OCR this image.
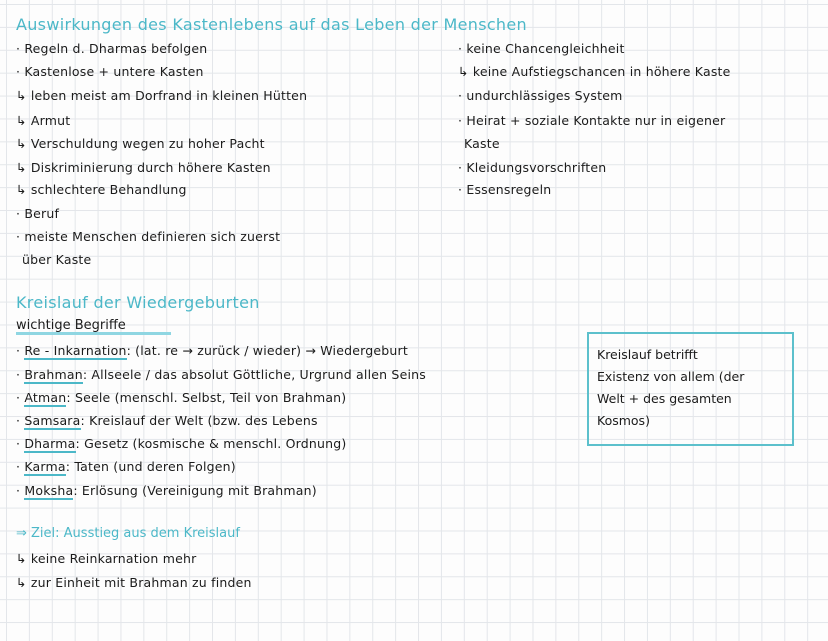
Auswirkungen des Kastenlebens auf das Leben der Menschen
· Regeln d. Dharmas befolgen
· Kastenlose + untere Kasten
↳ leben meist am Dorfrand in kleinen Hütten
↳ Armut
↳ Verschuldung wegen zu hoher Pacht
↳ Diskriminierung durch höhere Kasten
↳ schlechtere Behandlung
· Beruf
· meiste Menschen definieren sich zuerst
über Kaste
· keine Chancengleichheit
↳ keine Aufstiegschancen in höhere Kaste
· undurchlässiges System
· Heirat + soziale Kontakte nur in eigener
Kaste
· Kleidungsvorschriften
· Essensregeln
Kreislauf der Wiedergeburten
wichtige Begriffe
· Re - Inkarnation: (lat. re → zurück / wieder) → Wiedergeburt
· Brahman: Allseele / das absolut Göttliche, Urgrund allen Seins
· Atman: Seele (menschl. Selbst, Teil von Brahman)
· Samsara: Kreislauf der Welt (bzw. des Lebens
· Dharma: Gesetz (kosmische & menschl. Ordnung)
· Karma: Taten (und deren Folgen)
· Moksha: Erlösung (Vereinigung mit Brahman)
Kreislauf betrifft
Existenz von allem (der
Welt + des gesamten
Kosmos)
⇒ Ziel: Ausstieg aus dem Kreislauf
↳ keine Reinkarnation mehr
↳ zur Einheit mit Brahman zu finden
